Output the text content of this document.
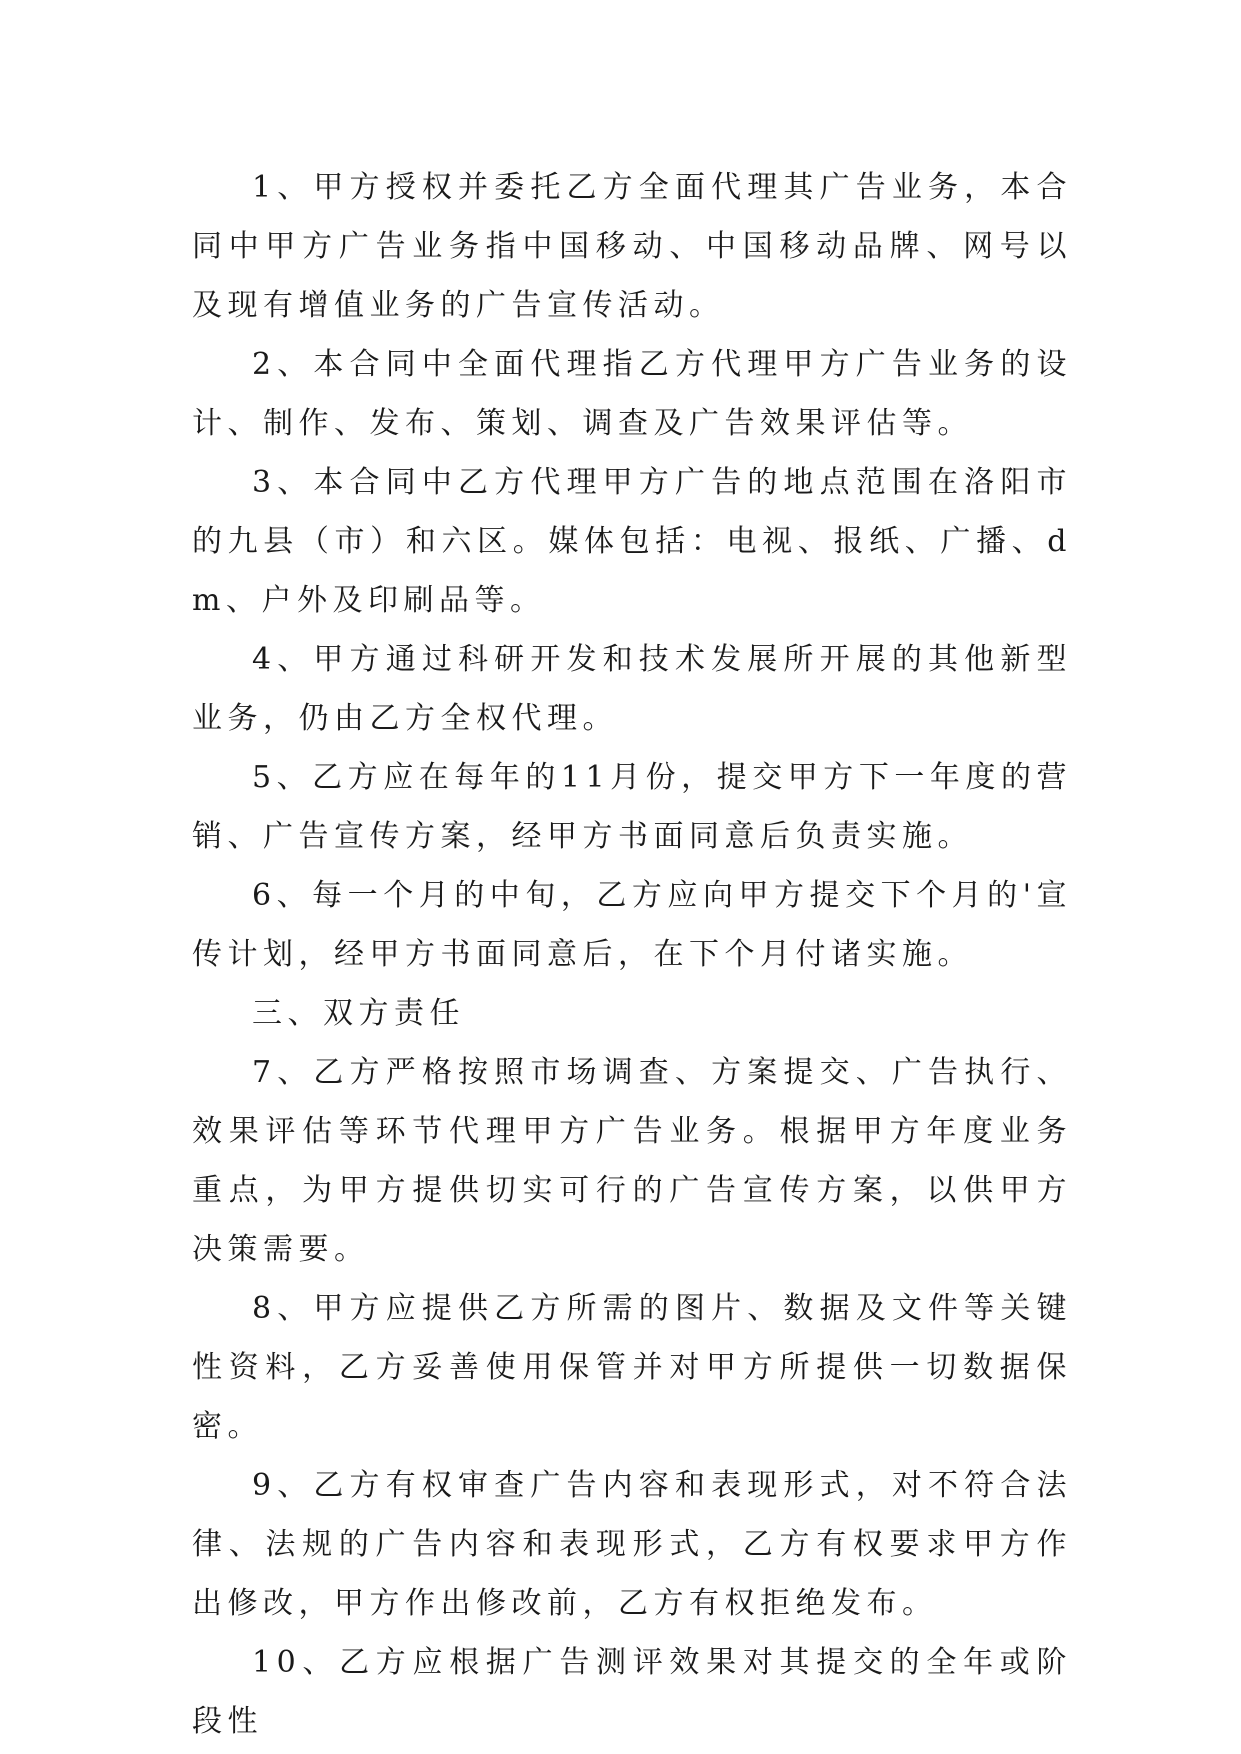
1、甲方授权并委托乙方全面代理其广告业务，本合同中甲方广告业务指中国移动、中国移动品牌、网号以及现有增值业务的广告宣传活动。

2、本合同中全面代理指乙方代理甲方广告业务的设计、制作、发布、策划、调查及广告效果评估等。

3、本合同中乙方代理甲方广告的地点范围在洛阳市的九县（市）和六区。媒体包括：电视、报纸、广播、dm、户外及印刷品等。

4、甲方通过科研开发和技术发展所开展的其他新型业务，仍由乙方全权代理。

5、乙方应在每年的11月份，提交甲方下一年度的营销、广告宣传方案，经甲方书面同意后负责实施。

6、每一个月的中旬，乙方应向甲方提交下个月的'宣传计划，经甲方书面同意后，在下个月付诸实施。

三、双方责任

7、乙方严格按照市场调查、方案提交、广告执行、效果评估等环节代理甲方广告业务。根据甲方年度业务重点，为甲方提供切实可行的广告宣传方案，以供甲方决策需要。

8、甲方应提供乙方所需的图片、数据及文件等关键性资料，乙方妥善使用保管并对甲方所提供一切数据保密。

9、乙方有权审查广告内容和表现形式，对不符合法律、法规的广告内容和表现形式，乙方有权要求甲方作出修改，甲方作出修改前，乙方有权拒绝发布。

10、乙方应根据广告测评效果对其提交的全年或阶段性
